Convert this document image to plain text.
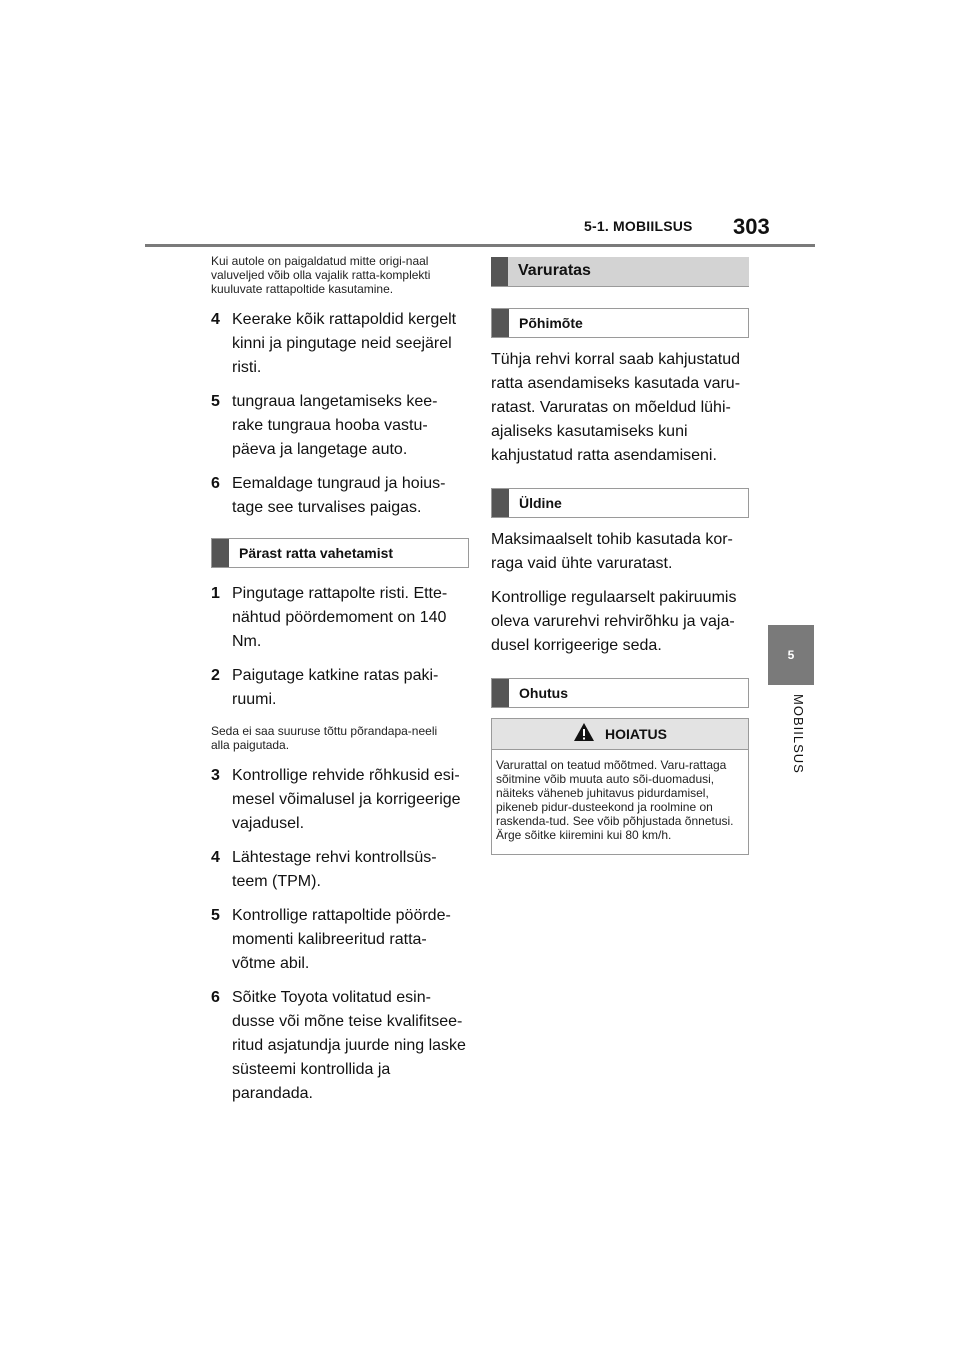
5-1. MOBIILSUS 303
5
MOBIILSUS

Kui autole on paigaldatud mitte origi-naal valuveljed võib olla vajalik ratta-komplekti kuuluvate rattapoltide kasutamine.

4 Keerake kõik rattapoldid kergelt kinni ja pingutage neid seejärel risti.
5 tungraua langetamiseks kee-rake tungraua hooba vastu-päeva ja langetage auto.
6 Eemaldage tungraud ja hoius-tage see turvalises paigas.
Pärast ratta vahetamist
1 Pingutage rattapolte risti. Ette-nähtud pöördemoment on 140 Nm.
2 Paigutage katkine ratas paki-ruumi.

Seda ei saa suuruse tõttu põrandapa-neeli alla paigutada.

3 Kontrollige rehvide rõhkusid esi-mesel võimalusel ja korrigeerige vajadusel.
4 Lähtestage rehvi kontrollsüs-teem (TPM).
5 Kontrollige rattapoltide pöörde-momenti kalibreeritud ratta-võtme abil.
6 Sõitke Toyota volitatud esin-dusse või mõne teise kvalifitsee-ritud asjatundja juurde ning laske süsteemi kontrollida ja parandada.
Varuratas
Põhimõte

Tühja rehvi korral saab kahjustatud ratta asendamiseks kasutada varu-ratast. Varuratas on mõeldud lühi-ajaliseks kasutamiseks kuni kahjustatud ratta asendamiseni.

Üldine

Maksimaalselt tohib kasutada kor-raga vaid ühte varuratast.

Kontrollige regulaarselt pakiruumis oleva varurehvi rehvirõhku ja vaja-dusel korrigeerige seda.

Ohutus
HOIATUS
Varurattal on teatud mõõtmed. Varu-rattaga sõitmine võib muuta auto sõi-duomadusi, näiteks väheneb juhitavus pidurdamisel, pikeneb pidur-dusteekond ja roolmine on raskenda-tud. See võib põhjustada õnnetusi. Ärge sõitke kiiremini kui 80 km/h.
